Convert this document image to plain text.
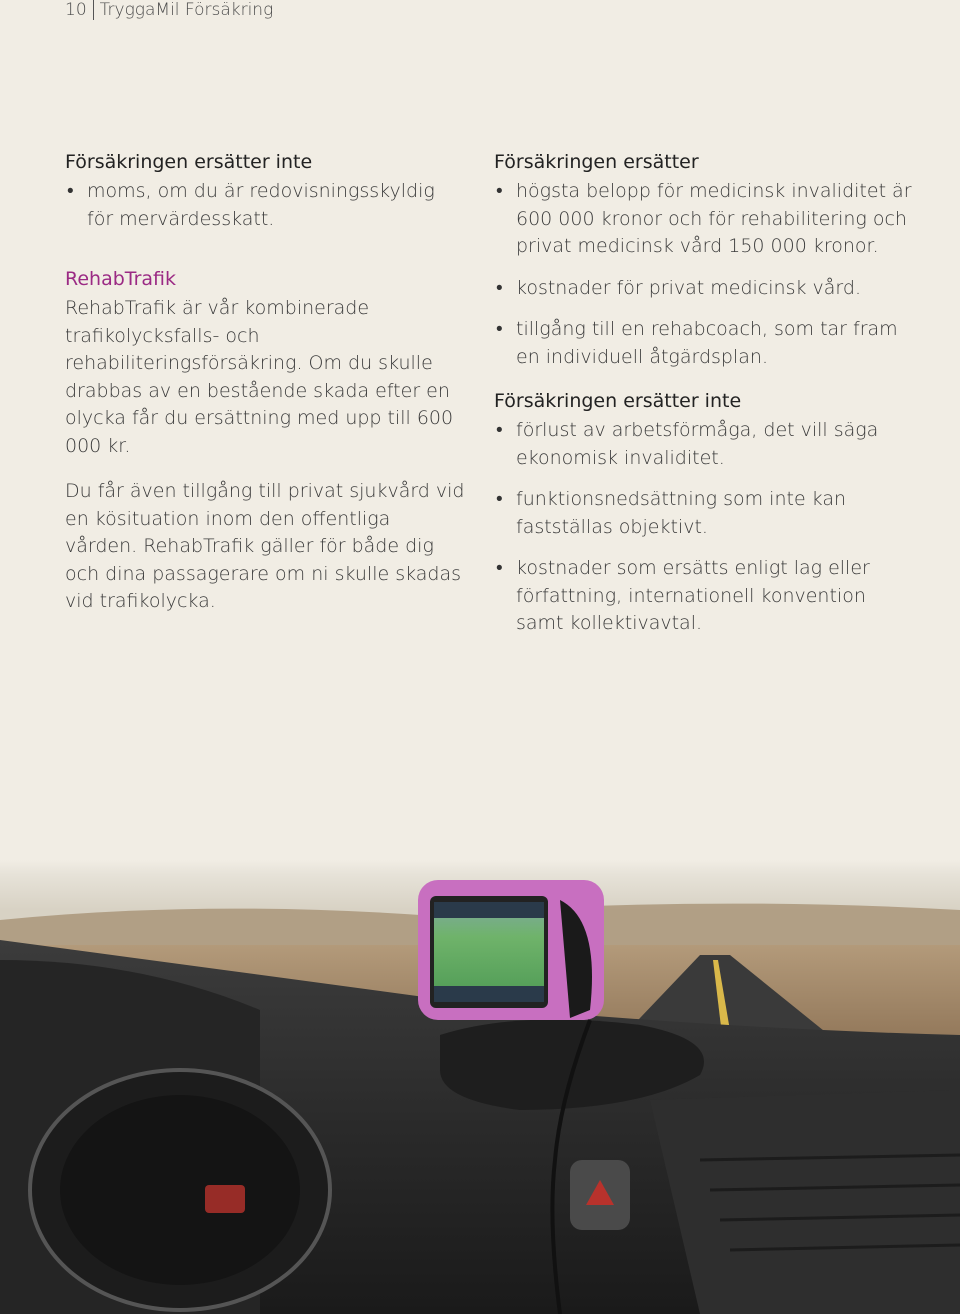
10 TryggaMil Försäkring

Försäkringen ersätter inte

• moms, om du är redovisningsskyldig för mervärdesskatt.

RehabTrafik

RehabTrafik är vår kombinerade trafikolycksfalls- och rehabiliteringsförsäkring. Om du skulle drabbas av en bestående skada efter en olycka får du ersättning med upp till 600 000 kr.

Du får även tillgång till privat sjukvård vid en kösituation inom den offentliga vården. RehabTrafik gäller för både dig och dina passagerare om ni skulle skadas vid trafikolycka.

Försäkringen ersätter

• högsta belopp för medicinsk invaliditet är 600 000 kronor och för rehabilitering och privat medicinsk vård 150 000 kronor.
• kostnader för privat medicinsk vård.
• tillgång till en rehabcoach, som tar fram en individuell åtgärdsplan.

Försäkringen ersätter inte

• förlust av arbetsförmåga, det vill säga ekonomisk invaliditet.
• funktionsnedsättning som inte kan fastställas objektivt.
• kostnader som ersätts enligt lag eller författning, internationell konvention samt kollektivavtal.
